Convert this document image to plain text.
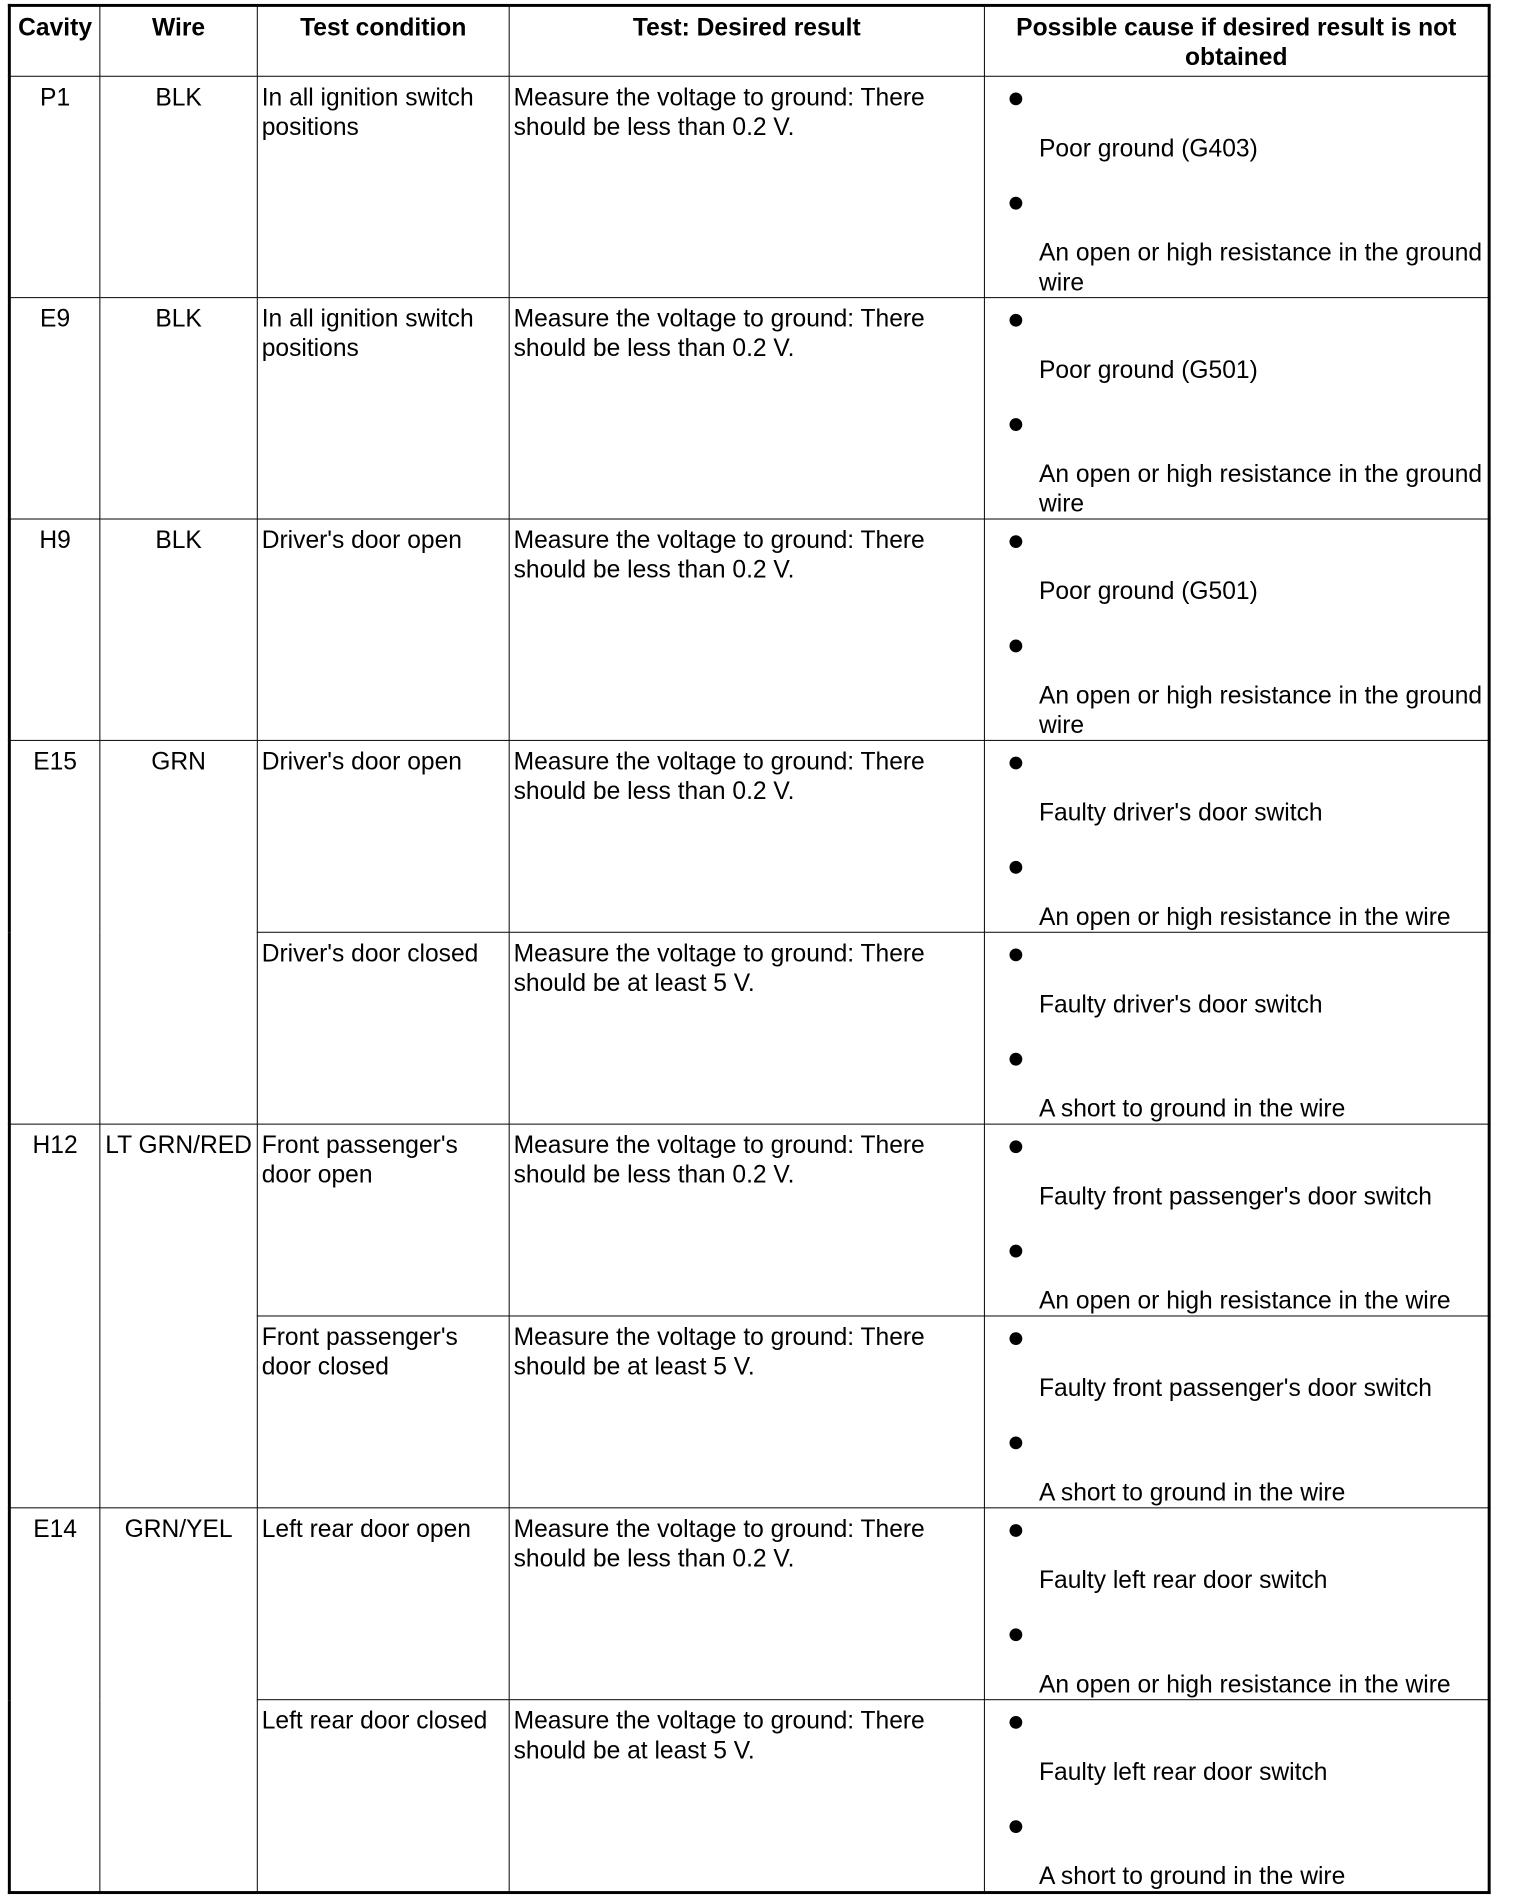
Cavity	Wire	Test condition	Test: Desired result	Possible cause if desired result is not obtained
P1	BLK	In all ignition switch positions	Measure the voltage to ground: There should be less than 0.2 V.	Poor ground (G403)
An open or high resistance in the ground wire

E9	BLK	In all ignition switch positions	Measure the voltage to ground: There should be less than 0.2 V.	Poor ground (G501)
An open or high resistance in the ground wire

H9	BLK	Driver's door open	Measure the voltage to ground: There should be less than 0.2 V.	Poor ground (G501)
An open or high resistance in the ground wire

E15	GRN	Driver's door open	Measure the voltage to ground: There should be less than 0.2 V.	Faulty driver's door switch
An open or high resistance in the wire

		Driver's door closed	Measure the voltage to ground: There should be at least 5 V.	Faulty driver's door switch
A short to ground in the wire

H12	LT GRN/RED	Front passenger's door open	Measure the voltage to ground: There should be less than 0.2 V.	Faulty front passenger's door switch
An open or high resistance in the wire

		Front passenger's door closed	Measure the voltage to ground: There should be at least 5 V.	Faulty front passenger's door switch
A short to ground in the wire

E14	GRN/YEL	Left rear door open	Measure the voltage to ground: There should be less than 0.2 V.	Faulty left rear door switch
An open or high resistance in the wire

		Left rear door closed	Measure the voltage to ground: There should be at least 5 V.	Faulty left rear door switch
A short to ground in the wire
